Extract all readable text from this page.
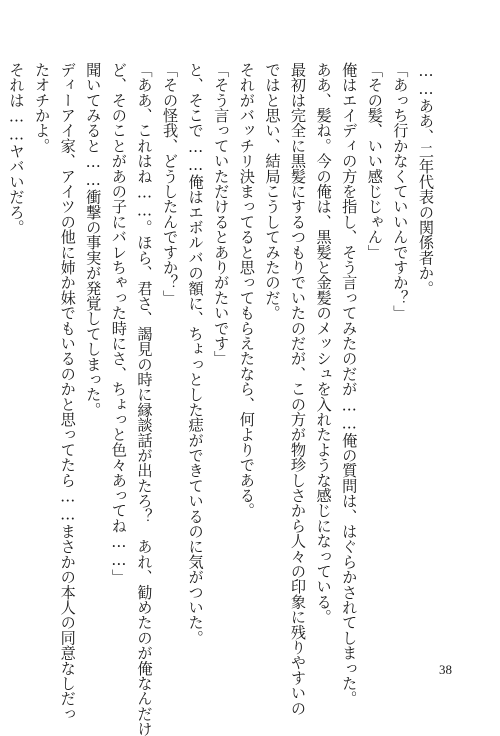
……ああ、二年代表の関係者か。
「あっち行かなくていいんですか？」
「その髪、いい感じじゃん」
俺はエイディの方を指し、そう言ってみたのだが……俺の質問は、はぐらかされてしまった。
ああ、髪ね。今の俺は、黒髪と金髪のメッシュを入れたような感じになっている。
最初は完全に黒髪にするつもりでいたのだが、この方が物珍しさから人々の印象に残りやすいの
ではと思い、結局こうしてみたのだ。
それがバッチリ決まってると思ってもらえたなら、何よりである。
「そう言っていただけるとありがたいです」
と、そこで……俺はエボルバの額に、ちょっとした痣ができているのに気がついた。
「その怪我、どうしたんですか？」
「ああ、これはね……。ほら、君さ、謁見の時に縁談話が出たろ？　あれ、勧めたのが俺なんだけ
ど、そのことがあの子にバレちゃった時にさ、ちょっと色々あってね……」
聞いてみると……衝撃の事実が発覚してしまった。
ディーアイ家、アイツの他に姉か妹でもいるのかと思ってたら……まさかの本人の同意なしだっ
たオチかよ。
それは……ヤバいだろ。
38
